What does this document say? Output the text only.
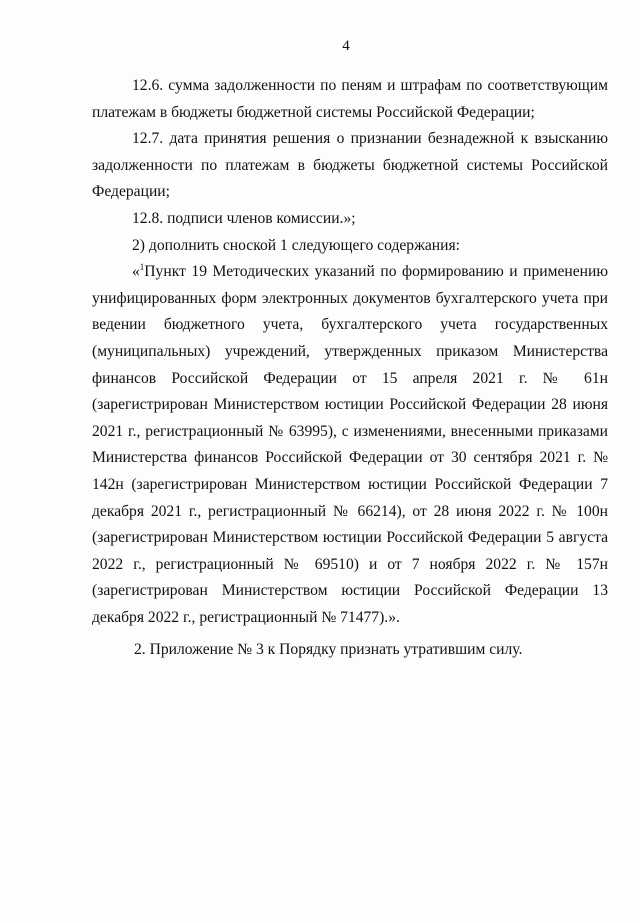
4

12.6. сумма задолженности по пеням и штрафам по соответствующим платежам в бюджеты бюджетной системы Российской Федерации;

12.7. дата принятия решения о признании безнадежной к взысканию задолженности по платежам в бюджеты бюджетной системы Российской Федерации;

12.8. подписи членов комиссии.»;

2) дополнить сноской 1 следующего содержания:

«$^1$Пункт 19 Методических указаний по формированию и применению унифицированных форм электронных документов бухгалтерского учета при ведении бюджетного учета, бухгалтерского учета государственных (муниципальных) учреждений, утвержденных приказом Министерства финансов Российской Федерации от 15 апреля 2021 г. № 61н (зарегистрирован Министерством юстиции Российской Федерации 28 июня 2021 г., регистрационный № 63995), с изменениями, внесенными приказами Министерства финансов Российской Федерации от 30 сентября 2021 г. № 142н (зарегистрирован Министерством юстиции Российской Федерации 7 декабря 2021 г., регистрационный № 66214), от 28 июня 2022 г. № 100н (зарегистрирован Министерством юстиции Российской Федерации 5 августа 2022 г., регистрационный № 69510) и от 7 ноября 2022 г. № 157н (зарегистрирован Министерством юстиции Российской Федерации 13 декабря 2022 г., регистрационный № 71477).».

2. Приложение № 3 к Порядку признать утратившим силу.
